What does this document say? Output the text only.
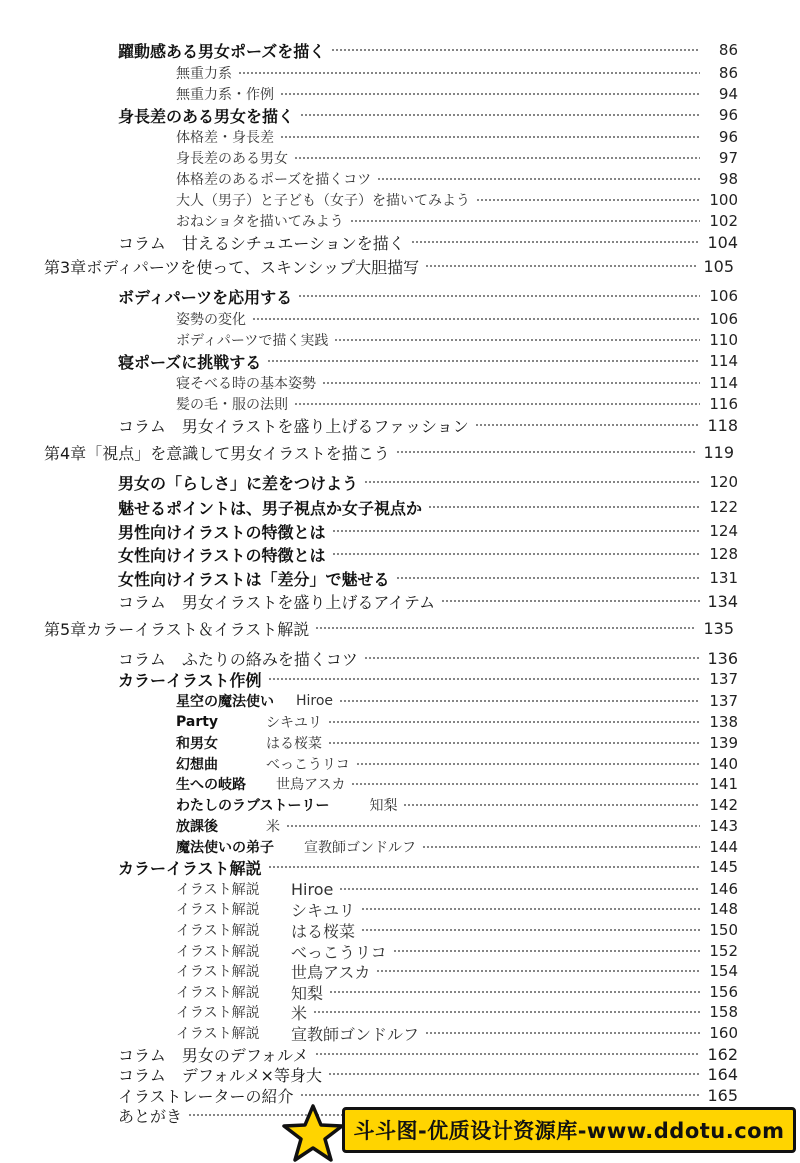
躍動感ある男女ポーズを描く	86
無重力系	86
無重力系・作例	94
身長差のある男女を描く	96
体格差・身長差	96
身長差のある男女	97
体格差のあるポーズを描くコツ	98
大人（男子）と子ども（女子）を描いてみよう	100
おねショタを描いてみよう	102
コラム　甘えるシチュエーションを描く	104
第3章 ボディパーツを使って、スキンシップ大胆描写	105
ボディパーツを応用する	106
姿勢の変化	106
ボディパーツで描く実践	110
寝ポーズに挑戦する	114
寝そべる時の基本姿勢	114
髪の毛・服の法則	116
コラム　男女イラストを盛り上げるファッション	118
第4章 「視点」を意識して男女イラストを描こう	119
男女の「らしさ」に差をつけよう	120
魅せるポイントは、男子視点か女子視点か	122
男性向けイラストの特徴とは	124
女性向けイラストの特徴とは	128
女性向けイラストは「差分」で魅せる	131
コラム　男女イラストを盛り上げるアイテム	134
第5章 カラーイラスト＆イラスト解説	135
コラム　ふたりの絡みを描くコツ	136
カラーイラスト作例	137
星空の魔法使い Hiroe	137
Party	シキユリ	138
和男女	はる桜菜	139
幻想曲	べっこうリコ	140
生への岐路 世鳥アスカ	141
わたしのラブストーリー	知梨	142
放課後	米	143
魔法使いの弟子 宣教師ゴンドルフ	144
カラーイラスト解説	145
イラスト解説	Hiroe	146
イラスト解説	シキユリ	148
イラスト解説	はる桜菜	150
イラスト解説	べっこうリコ	152
イラスト解説	世鳥アスカ	154
イラスト解説	知梨	156
イラスト解説	米	158
イラスト解説	宣教師ゴンドルフ	160
コラム　男女のデフォルメ	162
コラム　デフォルメ×等身大	164
イラストレーターの紹介	165
あとがき
斗斗图-优质设计资源库-www.ddotu.com
